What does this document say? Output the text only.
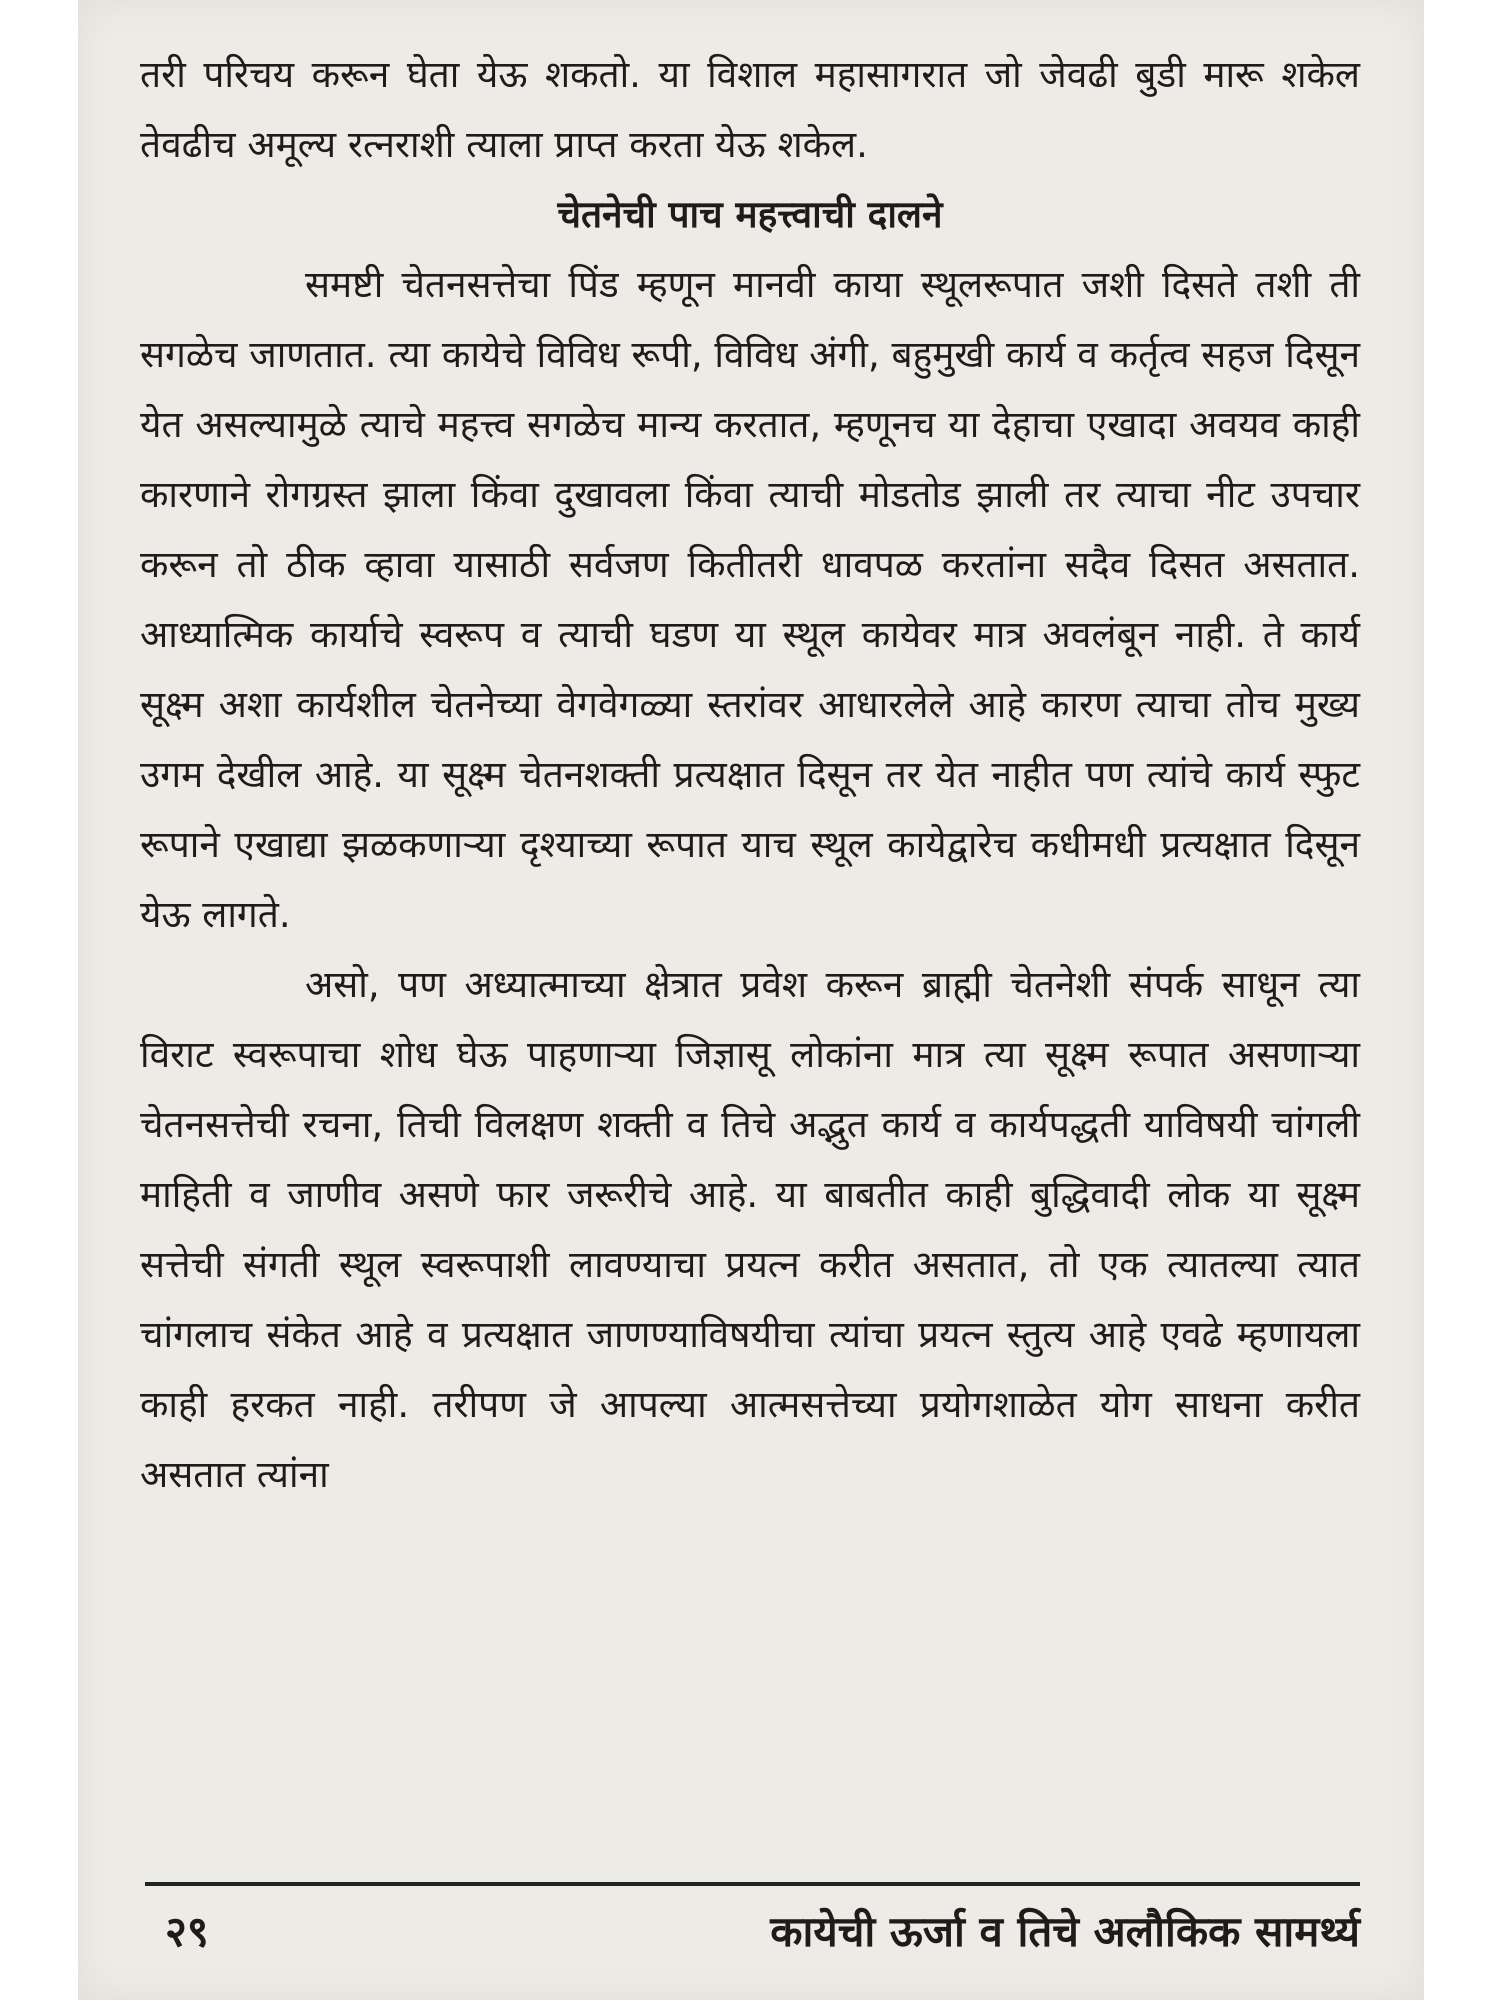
तरी परिचय करून घेता येऊ शकतो. या विशाल महासागरात जो जेवढी बुडी मारू शकेल तेवढीच अमूल्य रत्नराशी त्याला प्राप्त करता येऊ शकेल.

चेतनेची पाच महत्त्वाची दालने

समष्टी चेतनसत्तेचा पिंड म्हणून मानवी काया स्थूलरूपात जशी दिसते तशी ती सगळेच जाणतात. त्या कायेचे विविध रूपी, विविध अंगी, बहुमुखी कार्य व कर्तृत्व सहज दिसून येत असल्यामुळे त्याचे महत्त्व सगळेच मान्य करतात, म्हणूनच या देहाचा एखादा अवयव काही कारणाने रोगग्रस्त झाला किंवा दुखावला किंवा त्याची मोडतोड झाली तर त्याचा नीट उपचार करून तो ठीक व्हावा यासाठी सर्वजण कितीतरी धावपळ करतांना सदैव दिसत असतात. आध्यात्मिक कार्याचे स्वरूप व त्याची घडण या स्थूल कायेवर मात्र अवलंबून नाही. ते कार्य सूक्ष्म अशा कार्यशील चेतनेच्या वेगवेगळ्या स्तरांवर आधारलेले आहे कारण त्याचा तोच मुख्य उगम देखील आहे. या सूक्ष्म चेतनशक्ती प्रत्यक्षात दिसून तर येत नाहीत पण त्यांचे कार्य स्फुट रूपाने एखाद्या झळकणाऱ्या दृश्याच्या रूपात याच स्थूल कायेद्वारेच कधीमधी प्रत्यक्षात दिसून येऊ लागते.

असो, पण अध्यात्माच्या क्षेत्रात प्रवेश करून ब्राह्मी चेतनेशी संपर्क साधून त्या विराट स्वरूपाचा शोध घेऊ पाहणाऱ्या जिज्ञासू लोकांना मात्र त्या सूक्ष्म रूपात असणाऱ्या चेतनसत्तेची रचना, तिची विलक्षण शक्ती व तिचे अद्भुत कार्य व कार्यपद्धती याविषयी चांगली माहिती व जाणीव असणे फार जरूरीचे आहे. या बाबतीत काही बुद्धिवादी लोक या सूक्ष्म सत्तेची संगती स्थूल स्वरूपाशी लावण्याचा प्रयत्न करीत असतात, तो एक त्यातल्या त्यात चांगलाच संकेत आहे व प्रत्यक्षात जाणण्याविषयीचा त्यांचा प्रयत्न स्तुत्य आहे एवढे म्हणायला काही हरकत नाही. तरीपण जे आपल्या आत्मसत्तेच्या प्रयोगशाळेत योग साधना करीत असतात त्यांना

२९	कायेची ऊर्जा व तिचे अलौकिक सामर्थ्य
